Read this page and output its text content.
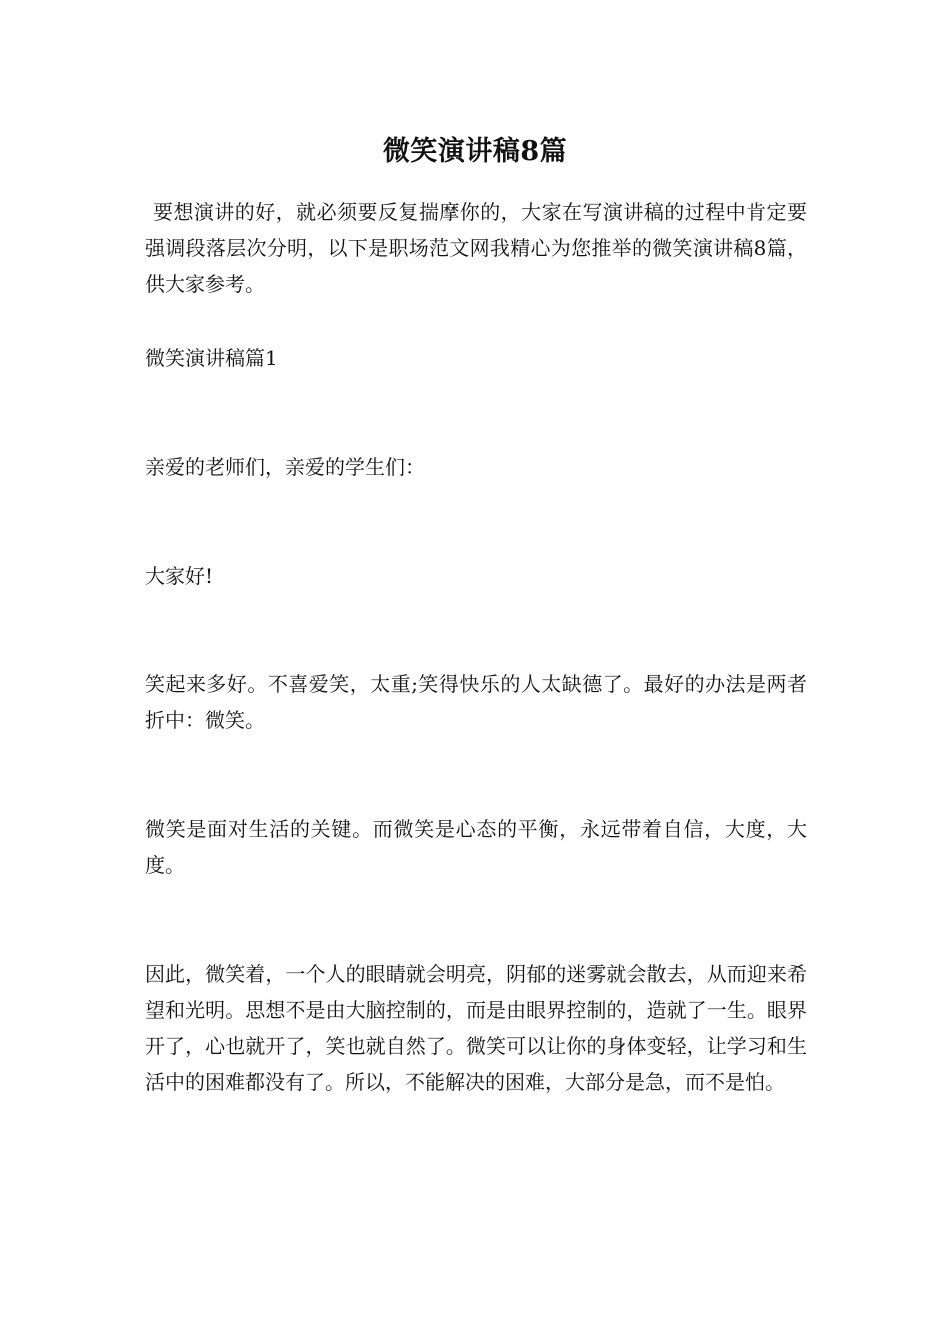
微笑演讲稿8篇

要想演讲的好，就必须要反复揣摩你的，大家在写演讲稿的过程中肯定要强调段落层次分明，以下是职场范文网我精心为您推举的微笑演讲稿8篇，供大家参考。

微笑演讲稿篇1

亲爱的老师们，亲爱的学生们：

大家好!

笑起来多好。不喜爱笑，太重;笑得快乐的人太缺德了。最好的办法是两者折中：微笑。

微笑是面对生活的关键。而微笑是心态的平衡，永远带着自信，大度，大度。

因此，微笑着，一个人的眼睛就会明亮，阴郁的迷雾就会散去，从而迎来希望和光明。思想不是由大脑控制的，而是由眼界控制的，造就了一生。眼界开了，心也就开了，笑也就自然了。微笑可以让你的身体变轻，让学习和生活中的困难都没有了。所以，不能解决的困难，大部分是急，而不是怕。
